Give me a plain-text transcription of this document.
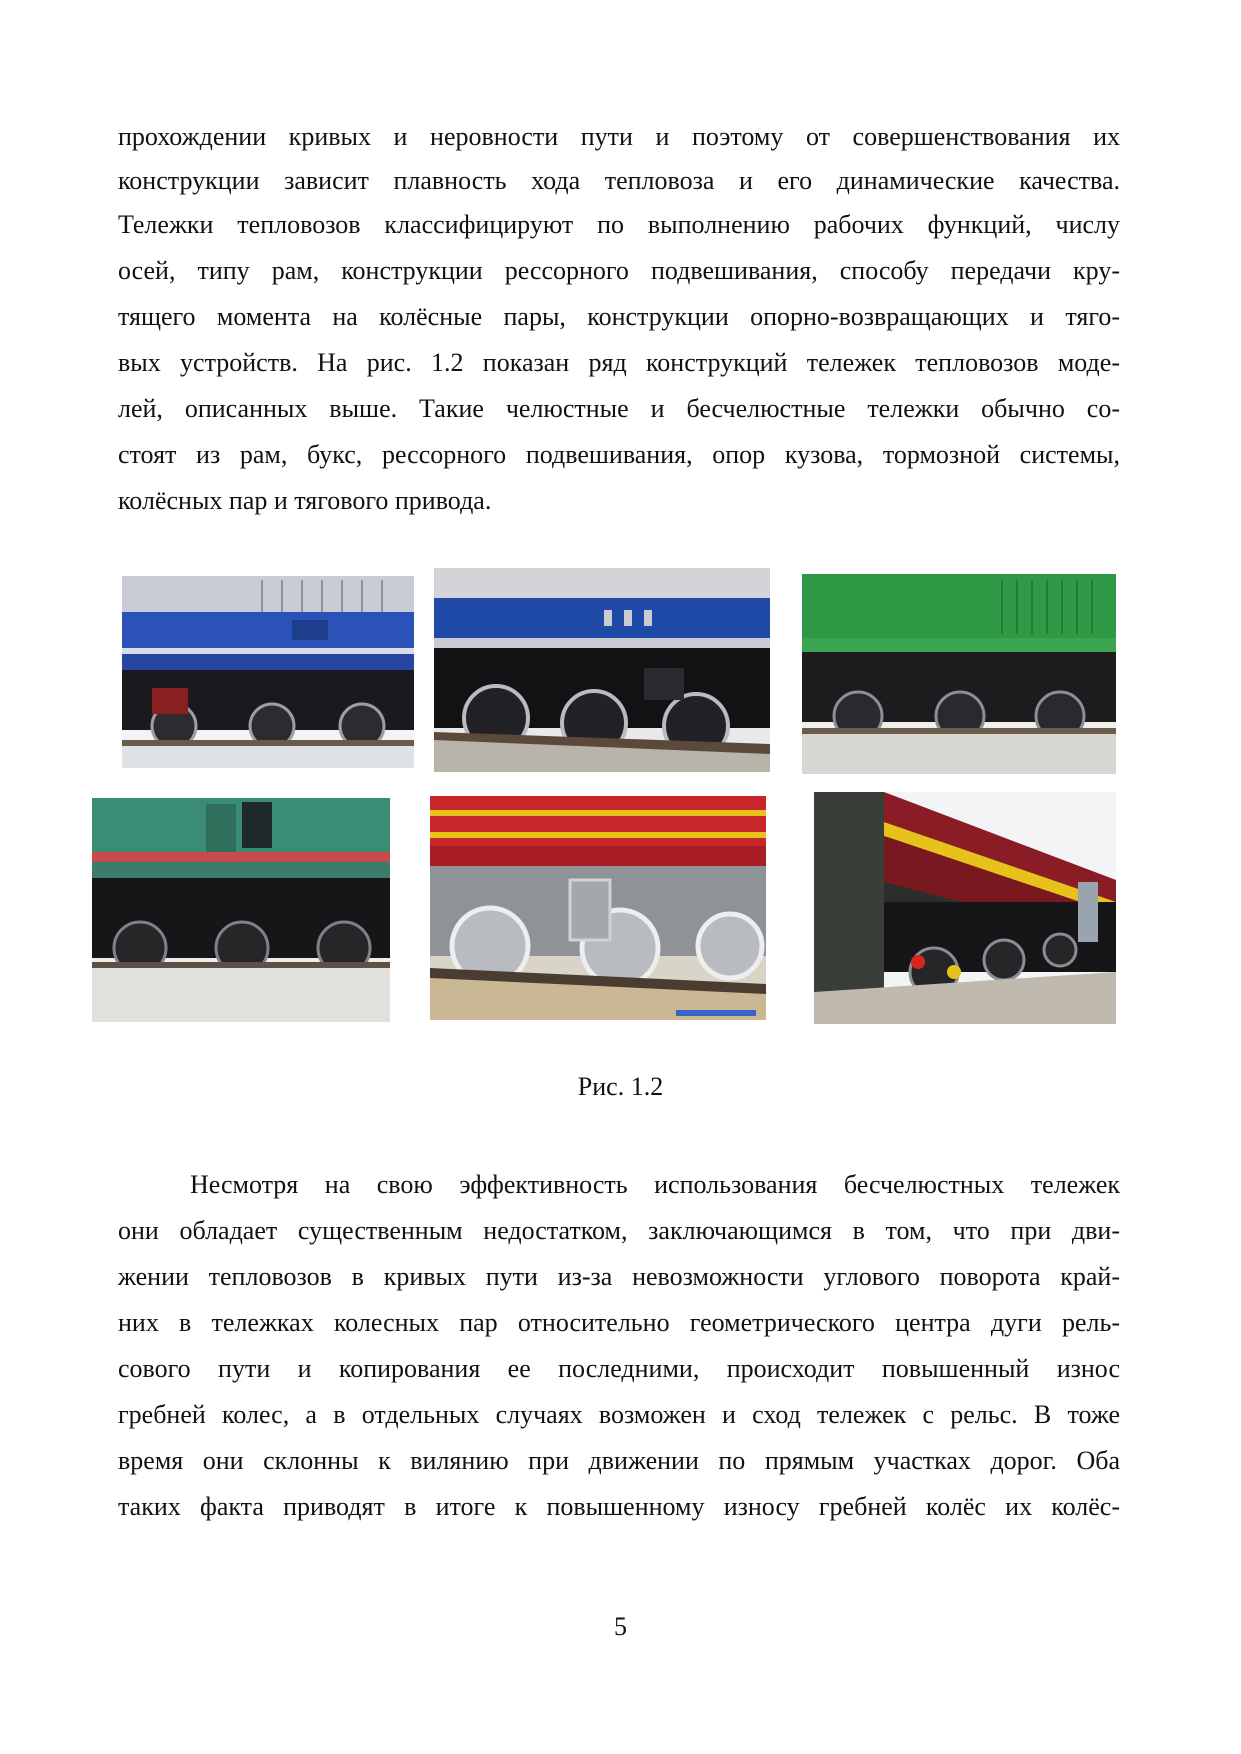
прохождении кривых и неровности пути и поэтому от совершенствования их
конструкции зависит плавность хода тепловоза и его динамические качества.
Тележки тепловозов классифицируют по выполнению рабочих функций, числу
осей, типу рам, конструкции рессорного подвешивания, способу передачи кру-
тящего момента на колёсные пары, конструкции опорно-возвращающих и тяго-
вых устройств. На рис. 1.2 показан ряд конструкций тележек тепловозов моде-
лей, описанных выше. Такие челюстные и бесчелюстные тележки обычно со-
стоят из рам, букс, рессорного подвешивания, опор кузова, тормозной системы,
колёсных пар и тягового привода.
Рис. 1.2
Несмотря на свою эффективность использования бесчелюстных тележек
они обладает существенным недостатком, заключающимся в том, что при дви-
жении тепловозов в кривых пути из-за невозможности углового поворота край-
них в тележках колесных пар относительно геометрического центра дуги рель-
сового пути и копирования ее последними, происходит повышенный износ
гребней колес, а в отдельных случаях возможен и сход тележек с рельс. В тоже
время они склонны к вилянию при движении по прямым участках дорог. Оба
таких факта приводят в итоге к повышенному износу гребней колёс их колёс-
5
